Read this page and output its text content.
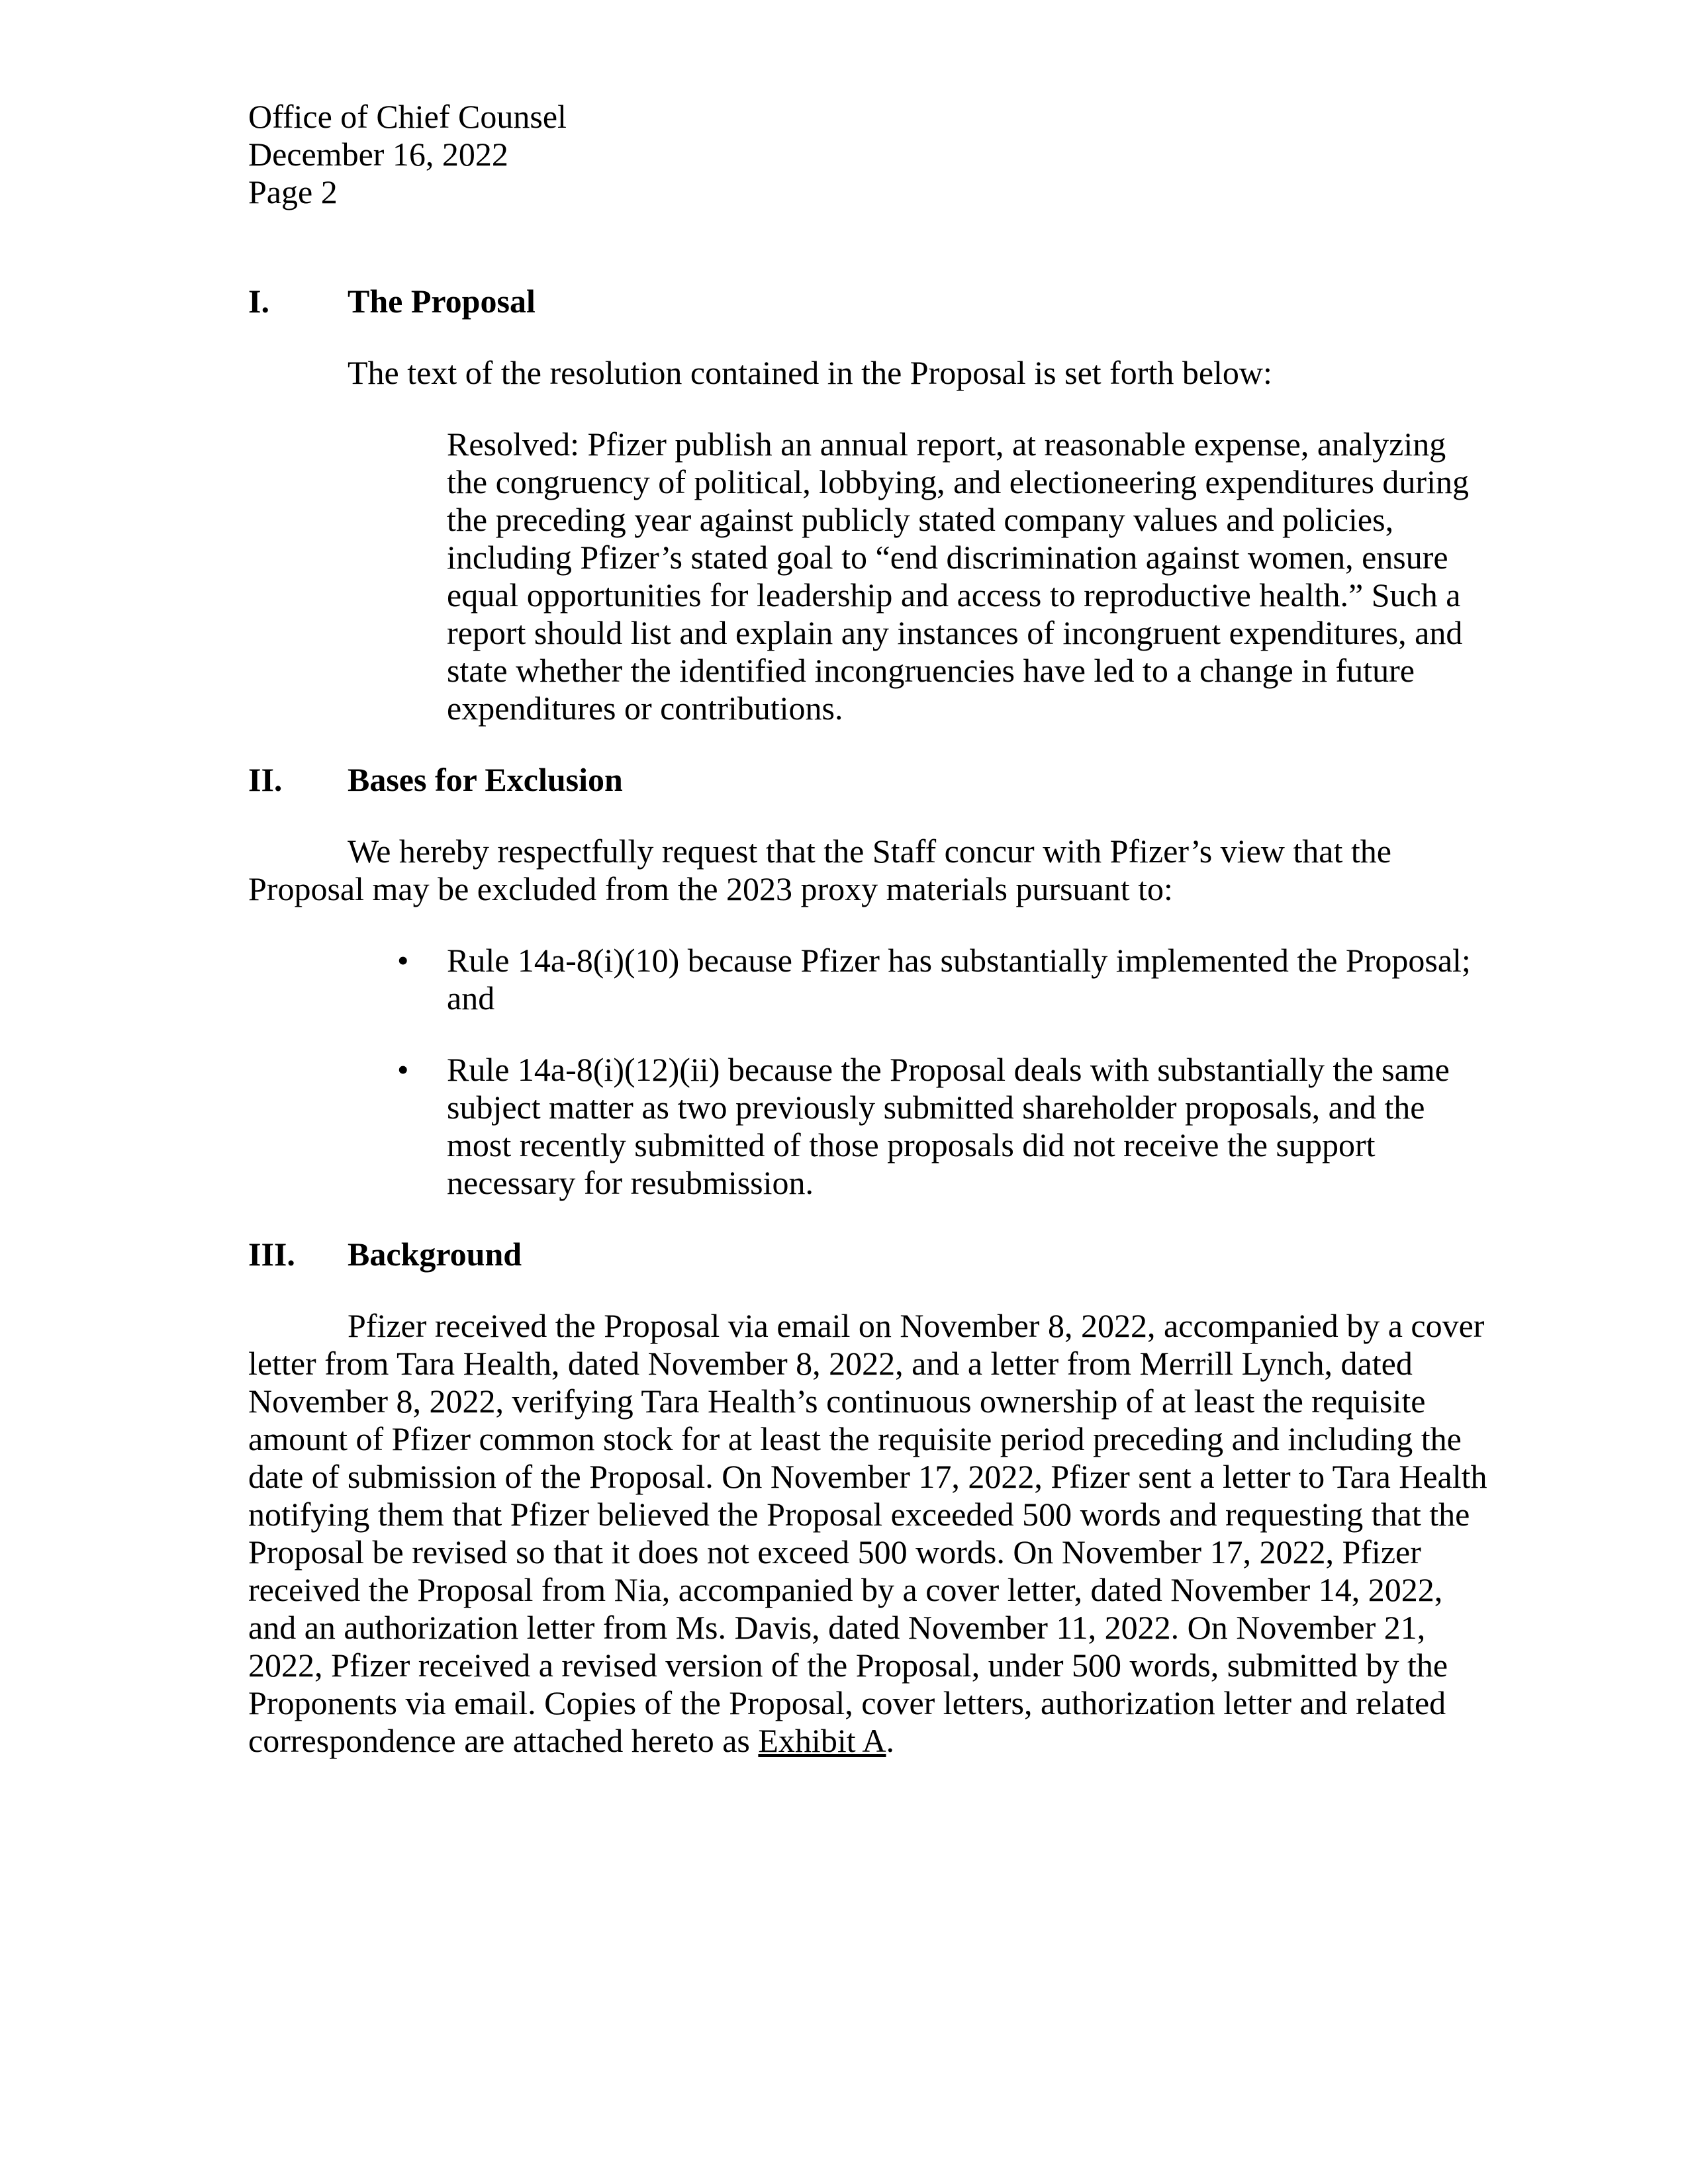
Office of Chief Counsel
December 16, 2022
Page 2
I.	The Proposal

The text of the resolution contained in the Proposal is set forth below:

Resolved: Pfizer publish an annual report, at reasonable expense, analyzing the congruency of political, lobbying, and electioneering expenditures during the preceding year against publicly stated company values and policies, including Pfizer’s stated goal to “end discrimination against women, ensure equal opportunities for leadership and access to reproductive health.” Such a report should list and explain any instances of incongruent expenditures, and state whether the identified incongruencies have led to a change in future expenditures or contributions.

II.	Bases for Exclusion

We hereby respectfully request that the Staff concur with Pfizer’s view that the Proposal may be excluded from the 2023 proxy materials pursuant to:

•	Rule 14a-8(i)(10) because Pfizer has substantially implemented the Proposal; and
•	Rule 14a-8(i)(12)(ii) because the Proposal deals with substantially the same subject matter as two previously submitted shareholder proposals, and the most recently submitted of those proposals did not receive the support necessary for resubmission.
III.	Background

Pfizer received the Proposal via email on November 8, 2022, accompanied by a cover letter from Tara Health, dated November 8, 2022, and a letter from Merrill Lynch, dated November 8, 2022, verifying Tara Health’s continuous ownership of at least the requisite amount of Pfizer common stock for at least the requisite period preceding and including the date of submission of the Proposal. On November 17, 2022, Pfizer sent a letter to Tara Health notifying them that Pfizer believed the Proposal exceeded 500 words and requesting that the Proposal be revised so that it does not exceed 500 words. On November 17, 2022, Pfizer received the Proposal from Nia, accompanied by a cover letter, dated November 14, 2022, and an authorization letter from Ms. Davis, dated November 11, 2022. On November 21, 2022, Pfizer received a revised version of the Proposal, under 500 words, submitted by the Proponents via email. Copies of the Proposal, cover letters, authorization letter and related correspondence are attached hereto as Exhibit A.
